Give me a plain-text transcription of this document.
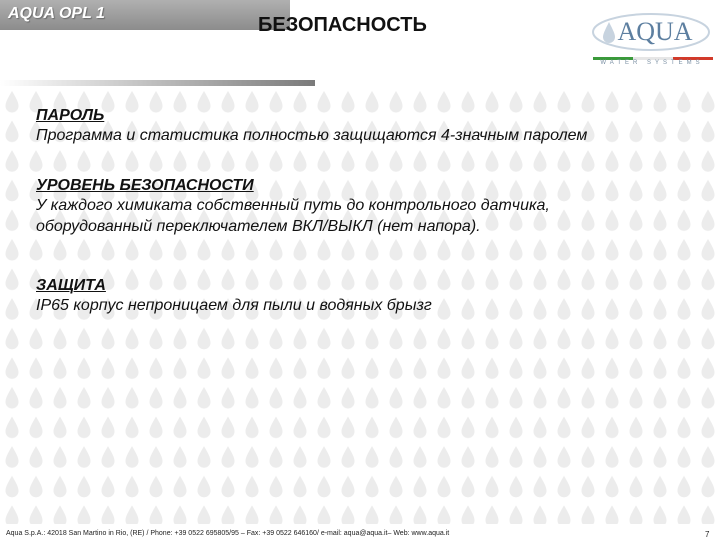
AQUA OPL 1
БЕЗОПАСНОСТЬ	AQUA
WATER SYSTEMS
ПАРОЛЬ
Программа и статистика полностью защищаются 4-значным паролем
УРОВЕНЬ БЕЗОПАСНОСТИ
У каждого химиката собственный путь до контрольного датчика,
оборудованный переключателем ВКЛ/ВЫКЛ (нет напора).
ЗАЩИТА
IP65 корпус непроницаем для пыли и водяных брызг
Aqua S.p.A.: 42018 San Martino in Rio, (RE) / Phone: +39 0522 695805/95 – Fax: +39 0522 646160/ e-mail: aqua@aqua.it– Web: www.aqua.it	7
